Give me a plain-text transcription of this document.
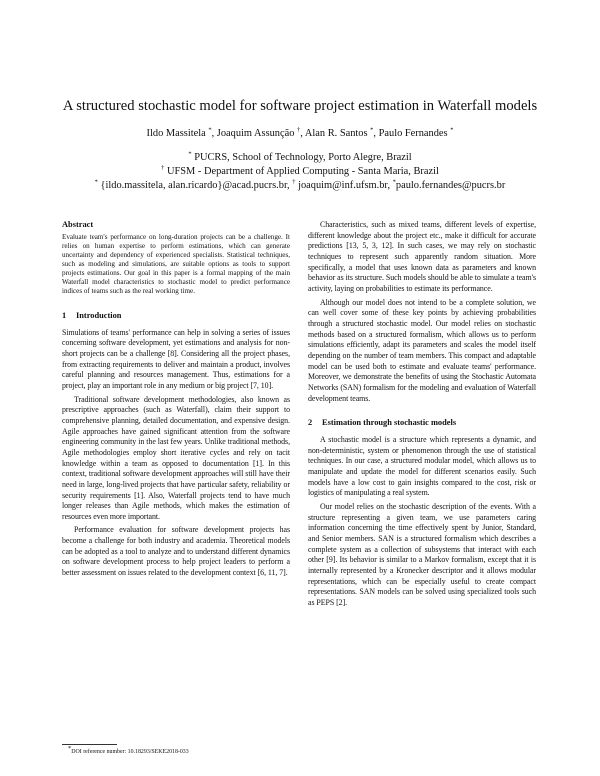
A structured stochastic model for software project estimation in Waterfall models
Ildo Massitela *, Joaquim Assunção †, Alan R. Santos *, Paulo Fernandes *
* PUCRS, School of Technology, Porto Alegre, Brazil
† UFSM - Department of Applied Computing - Santa Maria, Brazil
* {ildo.massitela, alan.ricardo}@acad.pucrs.br, † joaquim@inf.ufsm.br, *paulo.fernandes@pucrs.br
Abstract

Evaluate team's performance on long-duration projects can be a challenge. It relies on human expertise to perform estimations, which can generate uncertainty and dependency of experienced specialists. Statistical techniques, such as modeling and simulations, are suitable options as tools to support projects estimations. Our goal in this paper is a formal mapping of the main Waterfall model characteristics to stochastic model to predict performance indices of teams such as the real working time.

1 Introduction

Simulations of teams' performance can help in solving a series of issues concerning software development, yet estimations and analysis for non-short projects can be a challenge [8]. Considering all the project phases, from extracting requirements to deliver and maintain a product, involves careful planning and resources management. Thus, estimations for a project, play an important role in any medium or big project [7, 10].

Traditional software development methodologies, also known as prescriptive approaches (such as Waterfall), claim their support to comprehensive planning, detailed documentation, and expensive design. Agile approaches have gained significant attention from the software engineering community in the last few years. Unlike traditional methods, Agile methodologies employ short iterative cycles and rely on tacit knowledge within a team as opposed to documentation [1]. In this context, traditional software development approaches will still have their need in large, long-lived projects that have particular safety, reliability or security requirements [1]. Also, Waterfall projects tend to have much longer releases than Agile methods, which makes the estimation of resources even more important.

Performance evaluation for software development projects has become a challenge for both industry and academia. Theoretical models can be adopted as a tool to analyze and to understand different dynamics on software development process to help project leaders to perform a better assessment on issues related to the development context [6, 11, 7].

Characteristics, such as mixed teams, different levels of expertise, different knowledge about the project etc., make it difficult for accurate predictions [13, 5, 3, 12]. In such cases, we may rely on stochastic techniques to represent such apparently random situation. More specifically, a model that uses known data as parameters and known behavior as its structure. Such models should be able to simulate a team's activity, laying on probabilities to estimate its performance.

Although our model does not intend to be a complete solution, we can well cover some of these key points by achieving probabilities through a structured stochastic model. Our model relies on stochastic methods based on a structured formalism, which allows us to perform simulations efficiently, adapt its parameters and scales the model itself depending on the number of team members. This compact and adaptable model can be used both to estimate and evaluate teams' performance. Moreover, we demonstrate the benefits of using the Stochastic Automata Networks (SAN) formalism for the modeling and evaluation of Waterfall development teams.

2 Estimation through stochastic models

A stochastic model is a structure which represents a dynamic, and non-deterministic, system or phenomenon through the use of statistical techniques. In our case, a structured modular model, which allows us to manipulate and update the model for different scenarios easily. Such models have a low cost to gain insights compared to the cost, risk or logistics of manipulating a real system.

Our model relies on the stochastic description of the events. With a structure representing a given team, we use parameters caring information concerning the time effectively spent by Junior, Standard, and Senior members. SAN is a structured formalism which describes a complete system as a collection of subsystems that interact with each other [9]. Its behavior is similar to a Markov formalism, except that it is internally represented by a Kronecker descriptor and it allows modular representations, which can be especially useful to create compact representations. SAN models can be solved using specialized tools such as PEPS [2].

*DOI reference number: 10.18293/SEKE2018-033
